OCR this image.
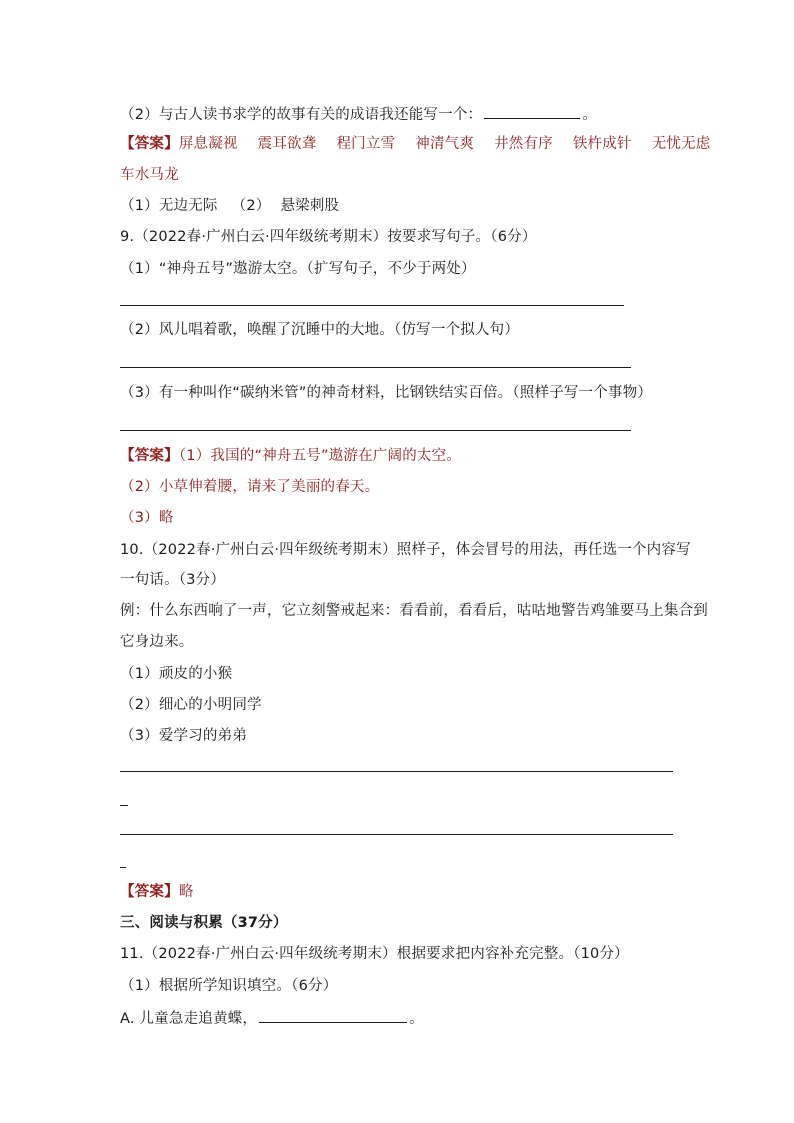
（2）与古人读书求学的故事有关的成语我还能写一个：	。
【答案】屏息凝视 震耳欲聋 程门立雪 神清气爽 井然有序 铁杵成针 无忧无虑
车水马龙
（1）无边无际 （2） 悬梁刺股
9.（2022春·广州白云·四年级统考期末）按要求写句子。（6分）
（1）“神舟五号”遨游太空。（扩写句子，不少于两处）
（2）风儿唱着歌，唤醒了沉睡中的大地。（仿写一个拟人句）
（3）有一种叫作“碳纳米管”的神奇材料，比钢铁结实百倍。（照样子写一个事物）
【答案】（1）我国的“神舟五号”遨游在广阔的太空。
（2）小草伸着腰，请来了美丽的春天。
（3）略
10.（2022春·广州白云·四年级统考期末）照样子，体会冒号的用法，再任选一个内容写
一句话。（3分）
例：什么东西响了一声，它立刻警戒起来：看看前，看看后，咕咕地警告鸡雏要马上集合到
它身边来。
（1）顽皮的小猴
（2）细心的小明同学
（3）爱学习的弟弟
【答案】略
三、阅读与积累（37分）
11.（2022春·广州白云·四年级统考期末）根据要求把内容补充完整。（10分）
（1）根据所学知识填空。（6分）
A. 儿童急走追黄蝶，	。
